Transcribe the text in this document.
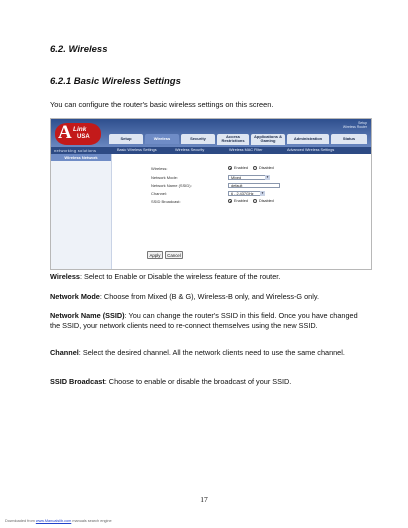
6.2. Wireless
6.2.1 Basic Wireless Settings
You can configure the router's basic wireless settings on this screen.
A Link
USA
Setup
Wireless Router
Setup	Wireless	Security	Access Restrictions
Applications & Gaming	Administration	Status
networking solutions	Basic Wireless Settings	Wireless Security	Wireless MAC Filter	Advanced Wireless Settings
Wireless Network
Wireless:	Enabled	Disabled
Network Mode:	Mixed	▾
Network Name (SSID):	default
Channel:	6 - 2.437GHz	▾
SSID Broadcast:	Enabled	Disabled
Apply	Cancel
Wireless: Select to Enable or Disable the wireless feature of the router.
Network Mode: Choose from Mixed (B & G), Wireless-B only, and Wireless-G only.
Network Name (SSID): You can change the router's SSID in this field. Once you have changed the SSID, your network clients need to re-connect themselves using the new SSID.
Channel: Select the desired channel. All the network clients need to use the same channel.
SSID Broadcast: Choose to enable or disable the broadcast of your SSID.
17
Downloaded from www.Manualslib.com manuals search engine
